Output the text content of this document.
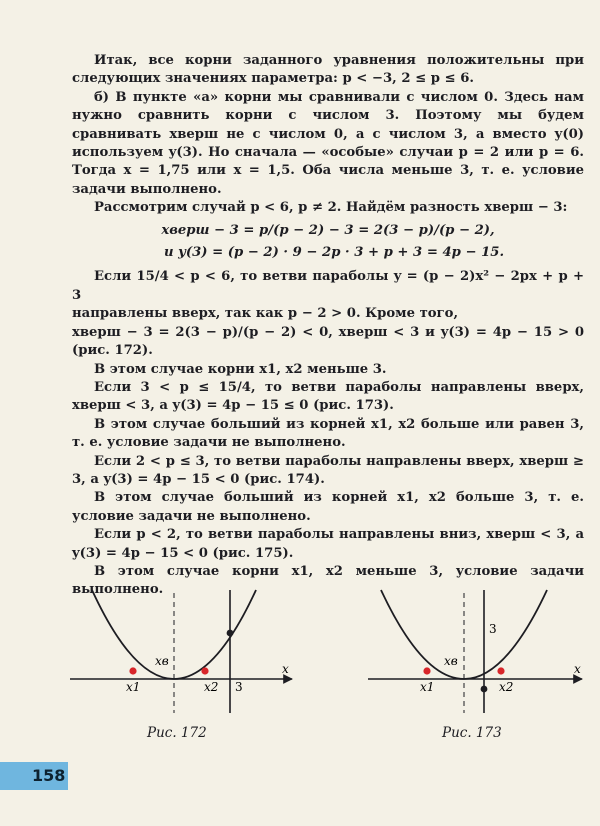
Итак, все корни заданного уравнения положительны при следующих значениях параметра: p < −3, 2 ≤ p ≤ 6.

б) В пункте «а» корни мы сравнивали с числом 0. Здесь нам нужно сравнить корни с числом 3. Поэтому мы будем сравнивать xверш не с числом 0, а с числом 3, а вместо y(0) используем y(3). Но сначала — «особые» случаи p = 2 или p = 6. Тогда x = 1,75 или x = 1,5. Оба числа меньше 3, т. е. условие задачи выполнено.

Рассмотрим случай p < 6, p ≠ 2. Найдём разность xверш − 3:

xверш − 3 = p/(p − 2) − 3 = 2(3 − p)/(p − 2),
и y(3) = (p − 2) · 9 − 2p · 3 + p + 3 = 4p − 15.

Если 15/4 < p < 6, то ветви параболы y = (p − 2)x² − 2px + p + 3

направлены вверх, так как p − 2 > 0. Кроме того,

xверш − 3 = 2(3 − p)/(p − 2) < 0, xверш < 3 и y(3) = 4p − 15 > 0 (рис. 172).

В этом случае корни x1, x2 меньше 3.

Если 3 < p ≤ 15/4, то ветви параболы направлены вверх, xверш < 3, а y(3) = 4p − 15 ≤ 0 (рис. 173).

В этом случае больший из корней x1, x2 больше или равен 3, т. е. условие задачи не выполнено.

Если 2 < p ≤ 3, то ветви параболы направлены вверх, xверш ≥ 3, а y(3) = 4p − 15 < 0 (рис. 174).

В этом случае больший из корней x1, x2 больше 3, т. е. условие задачи не выполнено.

Если p < 2, то ветви параболы направлены вниз, xверш < 3, а y(3) = 4p − 15 < 0 (рис. 175).

В этом случае корни x1, x2 меньше 3, условие задачи выполнено.

xв
x1	x2 3
x
xв
x1	x2
3
x
Рис. 172	Рис. 173
158
